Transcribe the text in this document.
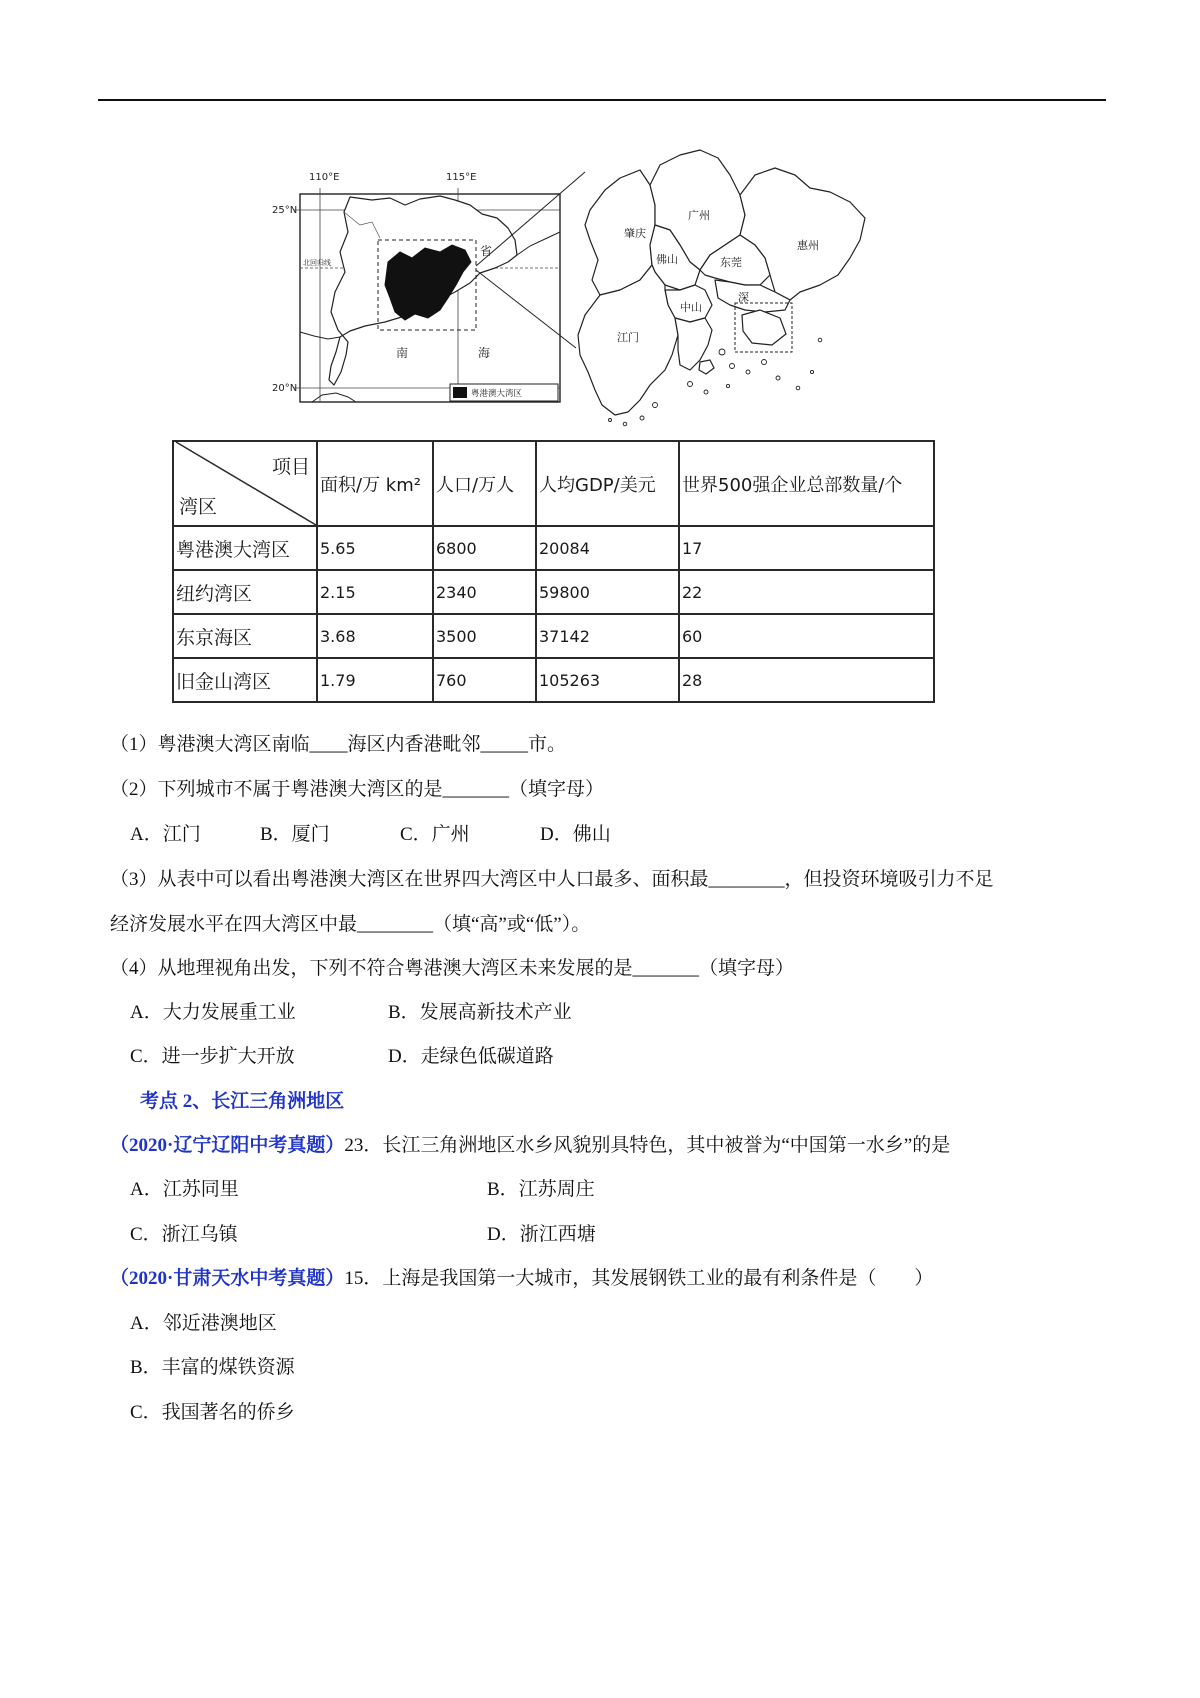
110°E	115°E
25°N
20°N
北回归线
省
南	海
粤港澳大湾区
肇庆
广州
惠州
佛山	东莞
中山
深
江门
项目
湾区	面积/万 km²	人口/万人	人均GDP/美元	世界500强企业总部数量/个
粤港澳大湾区	5.65	6800	20084	17
纽约湾区	2.15	2340	59800	22
东京海区	3.68	3500	37142	60
旧金山湾区	1.79	760	105263	28
（1）粤港澳大湾区南临____海区内香港毗邻_____市。
（2）下列城市不属于粤港澳大湾区的是_______（填字母）
A．江门	B．厦门	C．广州	D．佛山
（3）从表中可以看出粤港澳大湾区在世界四大湾区中人口最多、面积最________，但投资环境吸引力不足
经济发展水平在四大湾区中最________（填“高”或“低”）。
（4）从地理视角出发，下列不符合粤港澳大湾区未来发展的是_______（填字母）
A．大力发展重工业	B．发展高新技术产业
C．进一步扩大开放	D．走绿色低碳道路
考点 2、长江三角洲地区
（2020·辽宁辽阳中考真题）23．长江三角洲地区水乡风貌别具特色，其中被誉为“中国第一水乡”的是
A．江苏同里	B．江苏周庄
C．浙江乌镇	D．浙江西塘
（2020·甘肃天水中考真题）15．上海是我国第一大城市，其发展钢铁工业的最有利条件是（　　）
A．邻近港澳地区
B．丰富的煤铁资源
C．我国著名的侨乡
